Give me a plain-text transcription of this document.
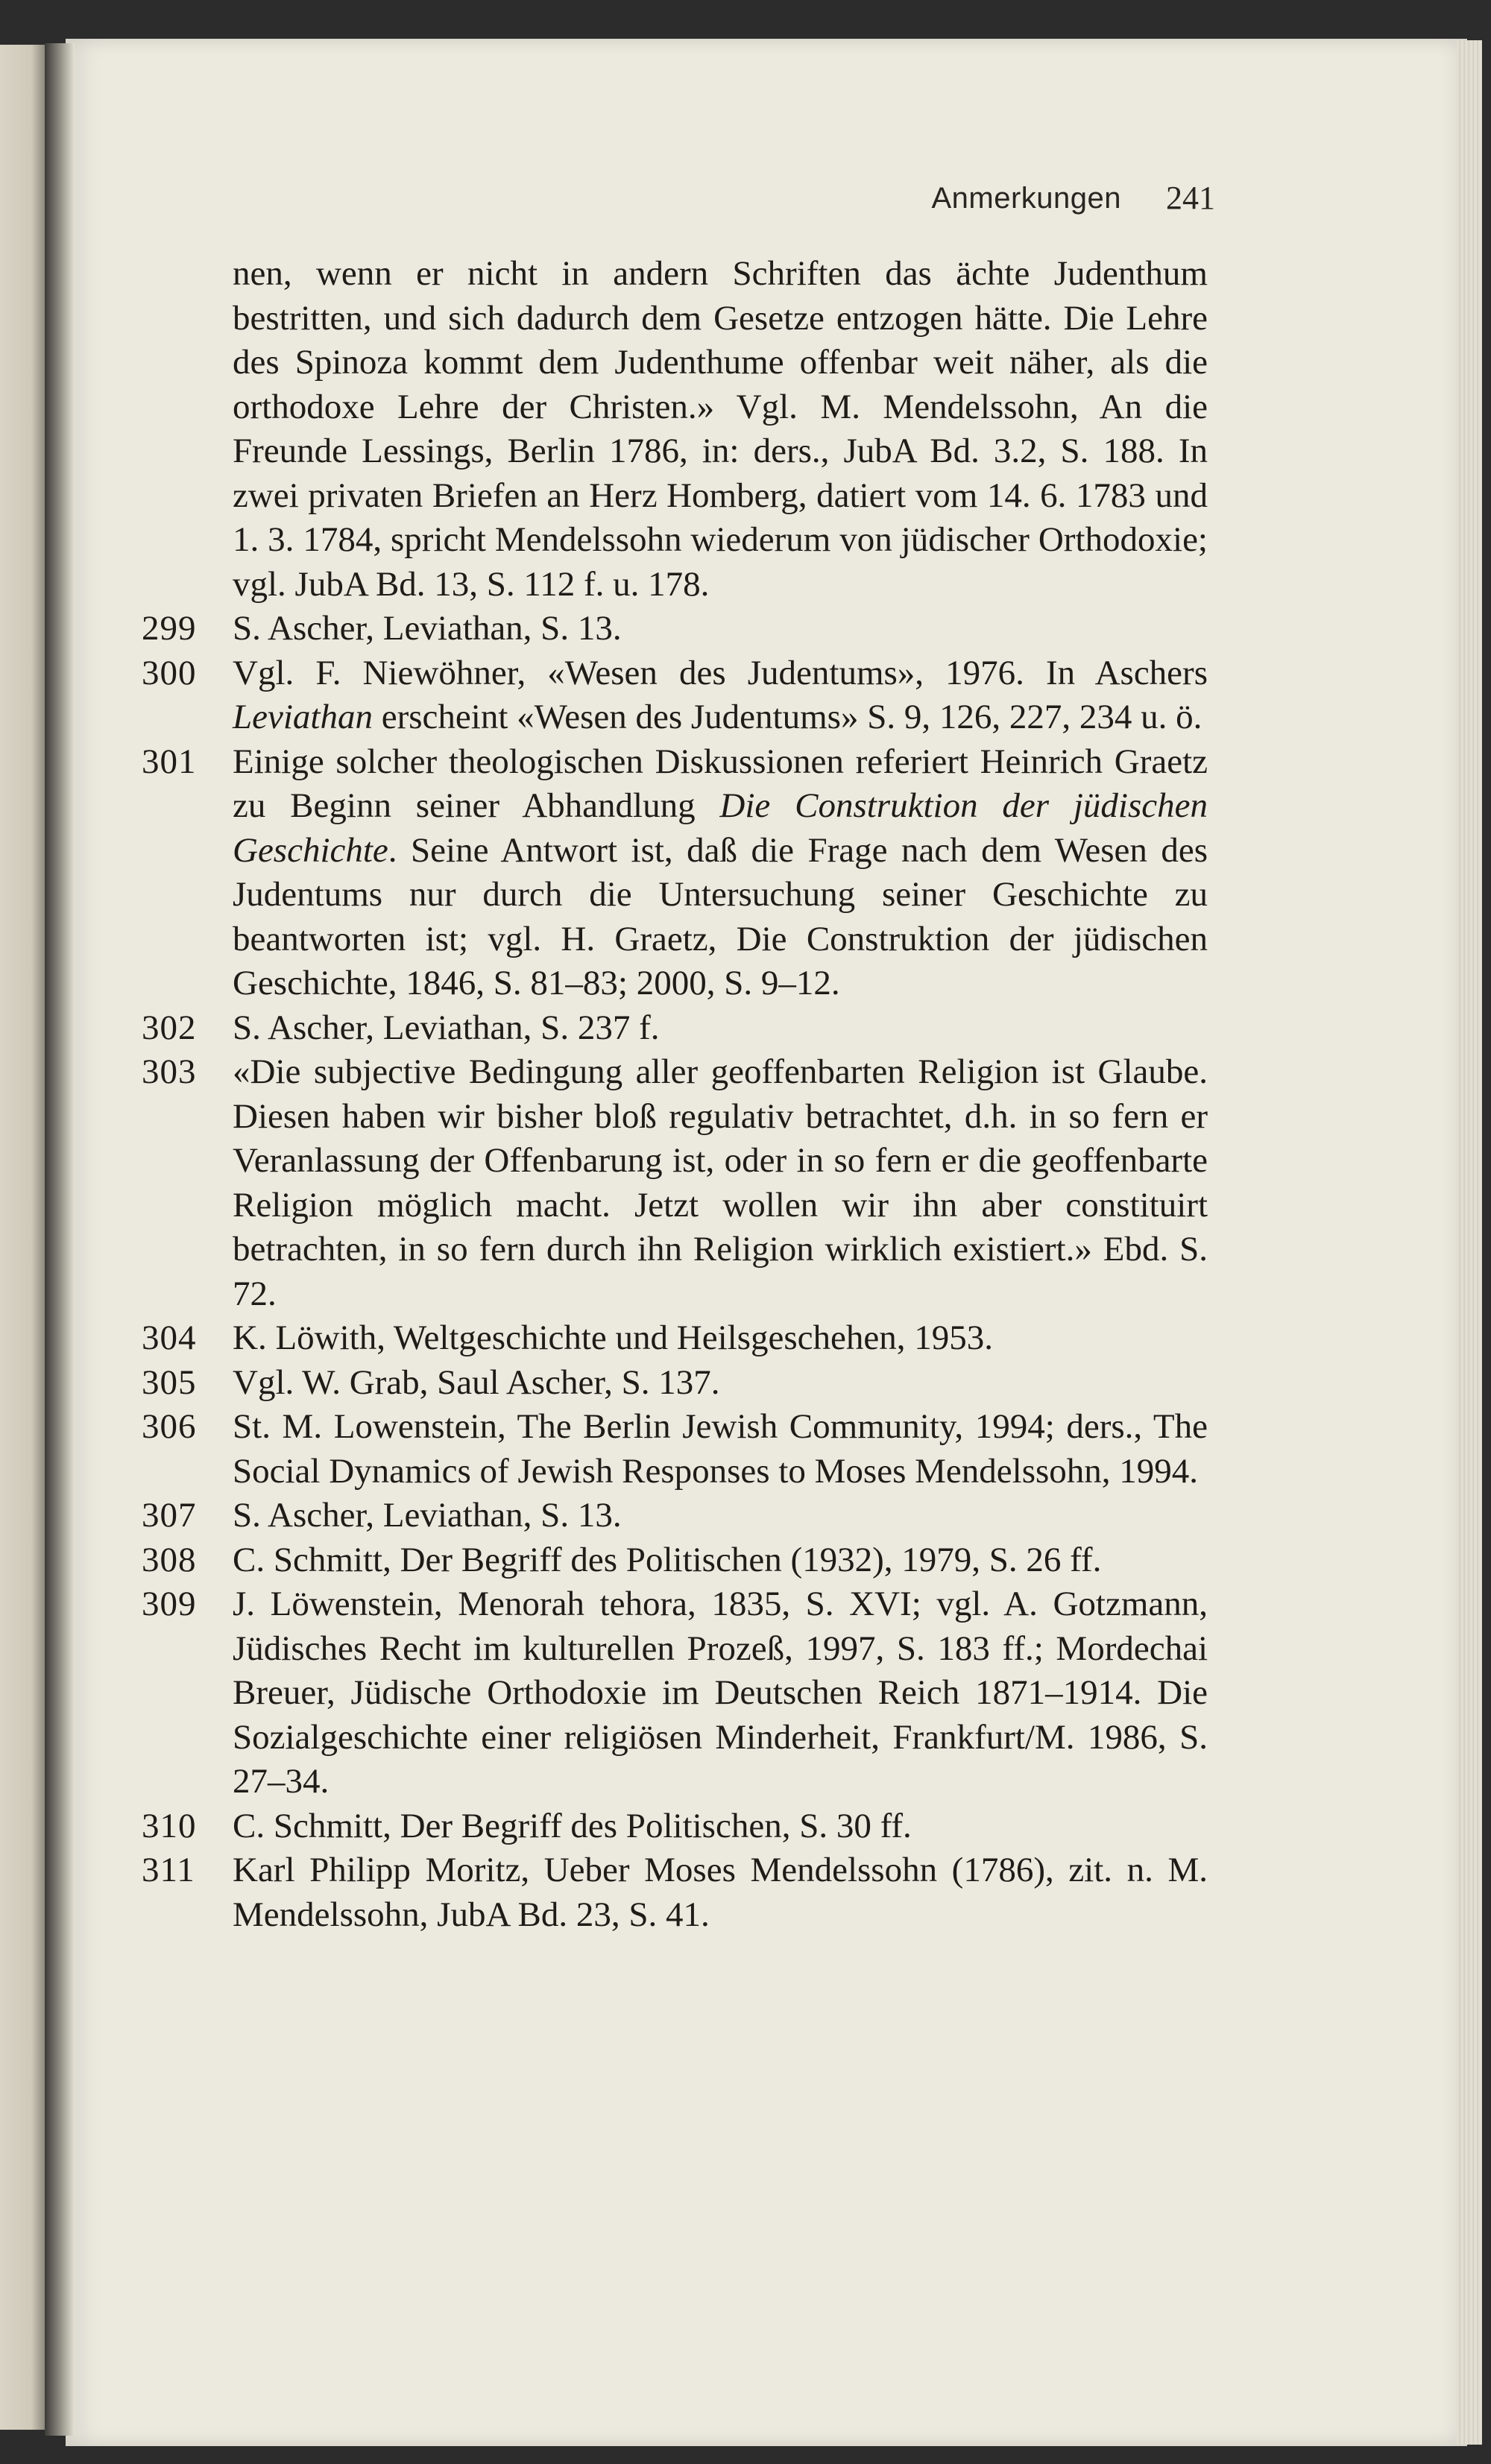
Anmerkungen 241
nen, wenn er nicht in andern Schriften das ächte Judenthum bestritten, und sich dadurch dem Gesetze entzogen hätte. Die Lehre des Spinoza kommt dem Judenthume offenbar weit näher, als die orthodoxe Lehre der Christen.» Vgl. M. Mendelssohn, An die Freunde Lessings, Berlin 1786, in: ders., JubA Bd. 3.2, S. 188. In zwei privaten Briefen an Herz Homberg, datiert vom 14. 6. 1783 und 1. 3. 1784, spricht Mendelssohn wiederum von jüdischer Orthodoxie; vgl. JubA Bd. 13, S. 112 f. u. 178.
299	S. Ascher, Leviathan, S. 13.
300	Vgl. F. Niewöhner, «Wesen des Judentums», 1976. In Aschers Leviathan erscheint «Wesen des Judentums» S. 9, 126, 227, 234 u. ö.
301	Einige solcher theologischen Diskussionen referiert Heinrich Graetz zu Beginn seiner Abhandlung Die Construktion der jüdischen Geschichte. Seine Antwort ist, daß die Frage nach dem Wesen des Judentums nur durch die Untersuchung seiner Geschichte zu beantworten ist; vgl. H. Graetz, Die Construktion der jüdischen Geschichte, 1846, S. 81–83; 2000, S. 9–12.
302	S. Ascher, Leviathan, S. 237 f.
303	«Die subjective Bedingung aller geoffenbarten Religion ist Glaube. Diesen haben wir bisher bloß regulativ betrachtet, d.h. in so fern er Veranlassung der Offenbarung ist, oder in so fern er die geoffenbarte Religion möglich macht. Jetzt wollen wir ihn aber constituirt betrachten, in so fern durch ihn Religion wirklich existiert.» Ebd. S. 72.
304	K. Löwith, Weltgeschichte und Heilsgeschehen, 1953.
305	Vgl. W. Grab, Saul Ascher, S. 137.
306	St. M. Lowenstein, The Berlin Jewish Community, 1994; ders., The Social Dynamics of Jewish Responses to Moses Mendelssohn, 1994.
307	S. Ascher, Leviathan, S. 13.
308	C. Schmitt, Der Begriff des Politischen (1932), 1979, S. 26 ff.
309	J. Löwenstein, Menorah tehora, 1835, S. XVI; vgl. A. Gotzmann, Jüdisches Recht im kulturellen Prozeß, 1997, S. 183 ff.; Mordechai Breuer, Jüdische Orthodoxie im Deutschen Reich 1871–1914. Die Sozialgeschichte einer religiösen Minderheit, Frankfurt/M. 1986, S. 27–34.
310	C. Schmitt, Der Begriff des Politischen, S. 30 ff.
311	Karl Philipp Moritz, Ueber Moses Mendelssohn (1786), zit. n. M. Mendelssohn, JubA Bd. 23, S. 41.
